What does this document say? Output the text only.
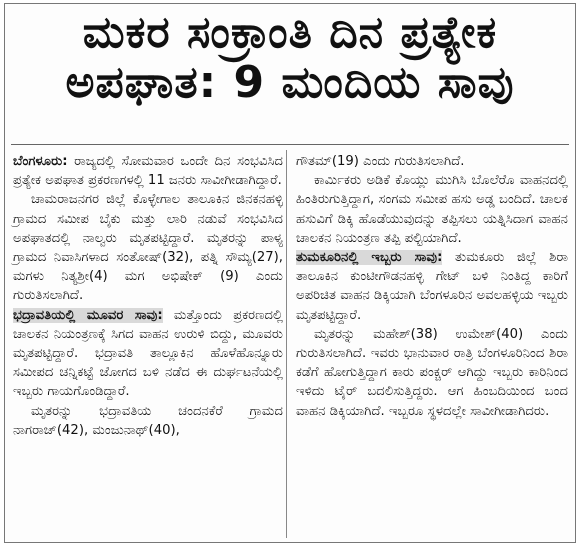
ಮಕರ ಸಂಕ್ರಾಂತಿ ದಿನ ಪ್ರತ್ಯೇಕ
ಅಪಘಾತ: 9 ಮಂದಿಯ ಸಾವು

ಬೆಂಗಳೂರು: ರಾಜ್ಯದಲ್ಲಿ ಸೋಮವಾರ ಒಂದೇ ದಿನ ಸಂಭವಿಸಿದ ಪ್ರತ್ಯೇಕ ಅಪಘಾತ ಪ್ರಕರಣಗಳಲ್ಲಿ 11 ಜನರು ಸಾವೀಗೀಡಾಗಿದ್ದಾರೆ.

ಚಾಮರಾಜನಗರ ಜಿಲ್ಲೆ ಕೊಳ್ಳೇಗಾಲ ತಾಲೂಕಿನ ಜಿನಕನಹಳ್ಳಿ ಗ್ರಾಮದ ಸಮೀಪ ಬೈಕು ಮತ್ತು ಲಾರಿ ನಡುವೆ ಸಂಭವಿಸಿದ ಅಪಘಾತದಲ್ಲಿ ನಾಲ್ವರು ಮೃತಪಟ್ಟಿದ್ದಾರೆ. ಮೃತರನ್ನು ಪಾಳ್ಯ ಗ್ರಾಮದ ನಿವಾಸಿಗಳಾದ ಸಂತೋಷ್(32), ಪತ್ನಿ ಸೌಮ್ಯ(27), ಮಗಳು ನಿತ್ಯಶ್ರೀ(4) ಮಗ ಅಭಿಷೇಕ್ (9) ಎಂದು ಗುರುತಿಸಲಾಗಿದೆ.

ಭದ್ರಾವತಿಯಲ್ಲಿ ಮೂವರ ಸಾವು: ಮತ್ತೊಂದು ಪ್ರಕರಣದಲ್ಲಿ ಚಾಲಕನ ನಿಯಂತ್ರಣಕ್ಕೆ ಸಿಗದ ವಾಹನ ಉರುಳಿ ಬಿದ್ದು, ಮೂವರು ಮೃತಪಟ್ಟಿದ್ದಾರೆ. ಭದ್ರಾವತಿ ತಾಲ್ಲೂಕಿನ ಹೊಳೆಹೊನ್ನೂರು ಸಮೀಪದ ಚನ್ನಿಕಟ್ಟೆ ಜೋಗದ ಬಳಿ ನಡೆದ ಈ ದುರ್ಘಟನೆಯಲ್ಲಿ ಇಬ್ಬರು ಗಾಯಗೊಂಡಿದ್ದಾರೆ.

ಮೃತರನ್ನು ಭದ್ರಾವತಿಯ ಚಂದನಕೆರೆ ಗ್ರಾಮದ ನಾಗರಾಜ್(42), ಮಂಜುನಾಥ್(40),

ಗೌತಮ್(19) ಎಂದು ಗುರುತಿಸಲಾಗಿದೆ.

ಕಾರ್ಮಿಕರು ಅಡಿಕೆ ಕೊಯ್ಲು ಮುಗಿಸಿ ಬೊಲೆರೊ ವಾಹನದಲ್ಲಿ ಹಿಂತಿರುಗುತ್ತಿದ್ದಾಗ, ಸಂಗಮ ಸಮೀಪ ಹಸು ಅಡ್ಡ ಬಂದಿದೆ. ಚಾಲಕ ಹಸುವಿಗೆ ಡಿಕ್ಕಿ ಹೊಡೆಯುವುದನ್ನು ತಪ್ಪಿಸಲು ಯತ್ನಿಸಿದಾಗ ವಾಹನ ಚಾಲಕನ ನಿಯಂತ್ರಣ ತಪ್ಪಿ ಪಲ್ಟಿಯಾಗಿದೆ.

ತುಮಕೂರಿನಲ್ಲಿ ಇಬ್ಬರು ಸಾವು: ತುಮಕೂರು ಜಿಲ್ಲೆ ಶಿರಾ ತಾಲೂಕಿನ ಕುಂಟೀಗೌಡನಹಳ್ಳಿ ಗೇಟ್ ಬಳಿ ನಿಂತಿದ್ದ ಕಾರಿಗೆ ಅಪರಿಚಿತ ವಾಹನ ಡಿಕ್ಕಿಯಾಗಿ ಬೆಂಗಳೂರಿನ ಅವಲಹಳ್ಳಿಯ ಇಬ್ಬರು ಮೃತಪಟ್ಟಿದ್ದಾರೆ.

ಮೃತರನ್ನು ಮಹೇಶ್(38) ಉಮೇಶ್(40) ಎಂದು ಗುರುತಿಸಲಾಗಿದೆ. ಇವರು ಭಾನುವಾರ ರಾತ್ರಿ ಬೆಂಗಳೂರಿನಿಂದ ಶಿರಾ ಕಡೆಗೆ ಹೋಗುತ್ತಿದ್ದಾಗ ಕಾರು ಪಂಕ್ಚರ್ ಆಗಿದ್ದು ಇಬ್ಬರು ಕಾರಿನಿಂದ ಇಳಿದು ಟೈರ್ ಬದಲಿಸುತ್ತಿದ್ದರು. ಆಗ ಹಿಂಬದಿಯಿಂದ ಬಂದ ವಾಹನ ಡಿಕ್ಕಿಯಾಗಿದೆ. ಇಬ್ಬರೂ ಸ್ಥಳದಲ್ಲೇ ಸಾವೀಗೀಡಾಗಿದರು.
